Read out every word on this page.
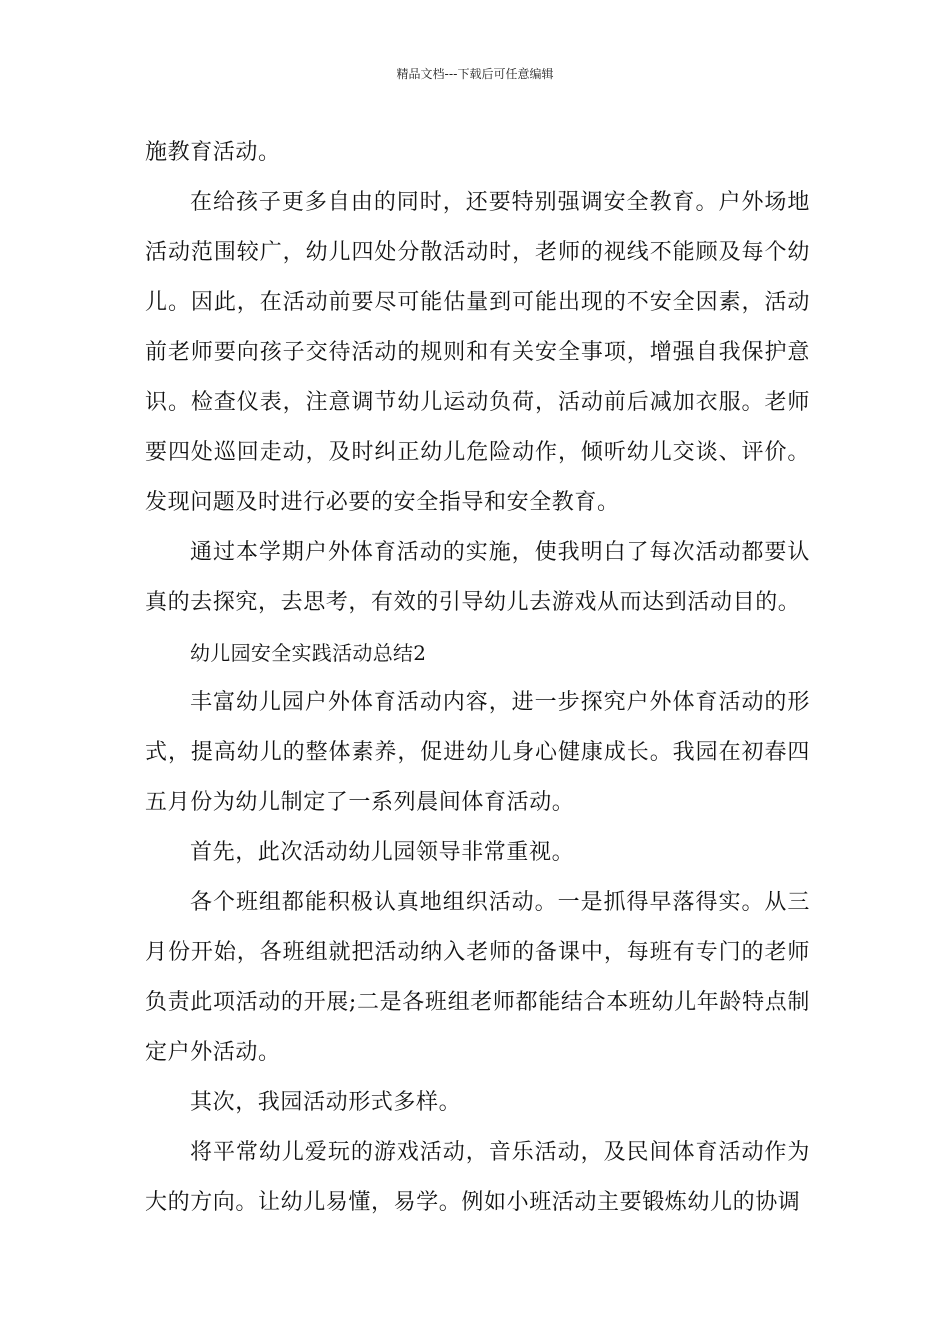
精品文档---下载后可任意编辑

施教育活动。

在给孩子更多自由的同时，还要特别强调安全教育。户外场地活动范围较广，幼儿四处分散活动时，老师的视线不能顾及每个幼儿。因此，在活动前要尽可能估量到可能出现的不安全因素，活动前老师要向孩子交待活动的规则和有关安全事项，增强自我保护意识。检查仪表，注意调节幼儿运动负荷，活动前后减加衣服。老师要四处巡回走动，及时纠正幼儿危险动作，倾听幼儿交谈、评价。发现问题及时进行必要的安全指导和安全教育。

通过本学期户外体育活动的实施，使我明白了每次活动都要认真的去探究，去思考，有效的引导幼儿去游戏从而达到活动目的。

幼儿园安全实践活动总结2

丰富幼儿园户外体育活动内容，进一步探究户外体育活动的形式，提高幼儿的整体素养，促进幼儿身心健康成长。我园在初春四五月份为幼儿制定了一系列晨间体育活动。

首先，此次活动幼儿园领导非常重视。

各个班组都能积极认真地组织活动。一是抓得早落得实。从三月份开始，各班组就把活动纳入老师的备课中，每班有专门的老师负责此项活动的开展;二是各班组老师都能结合本班幼儿年龄特点制定户外活动。

其次，我园活动形式多样。

将平常幼儿爱玩的游戏活动，音乐活动，及民间体育活动作为大的方向。让幼儿易懂，易学。例如小班活动主要锻炼幼儿的协调
